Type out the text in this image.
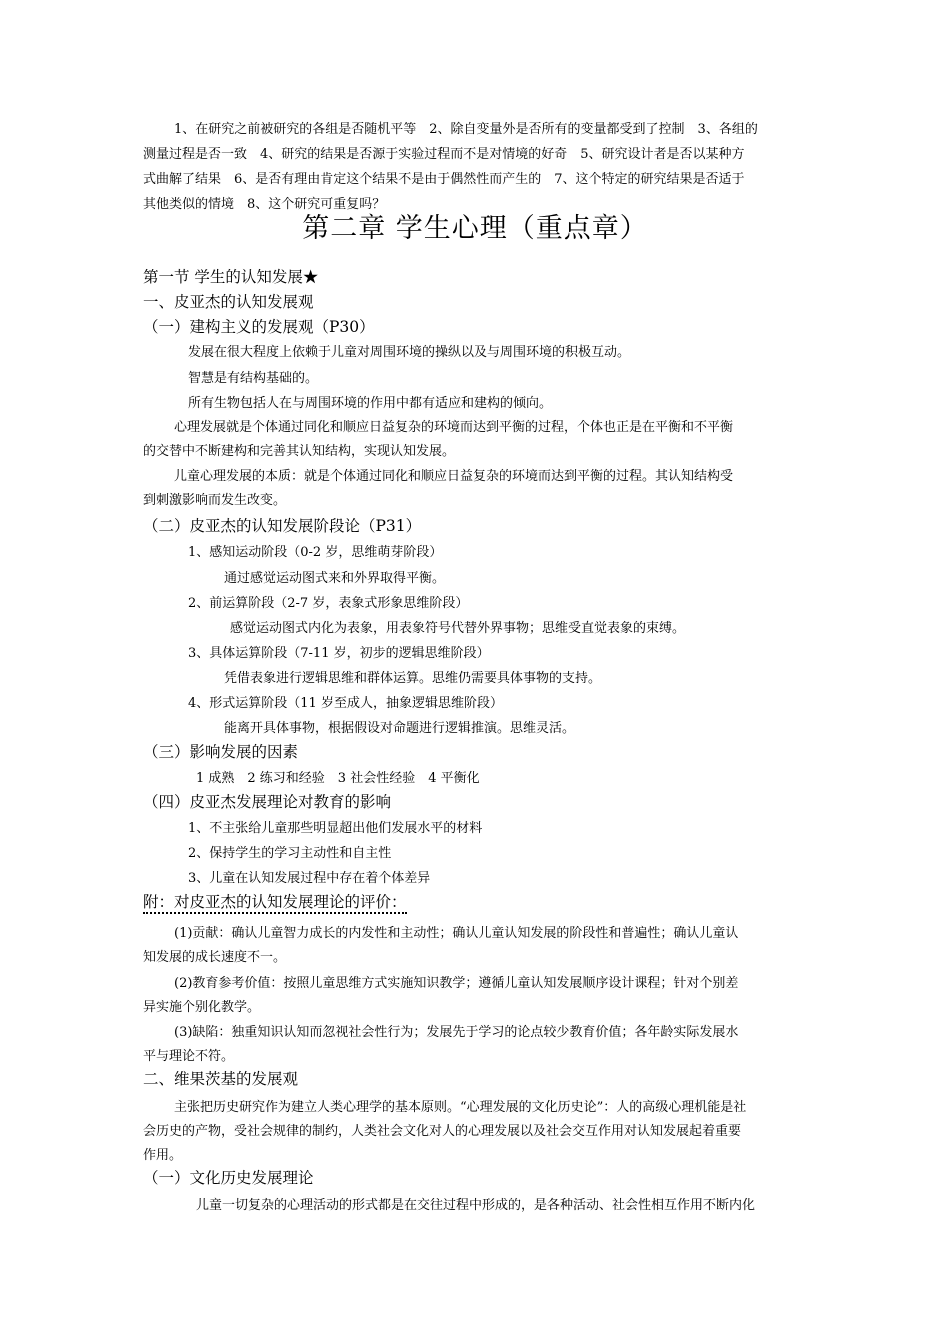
1、在研究之前被研究的各组是否随机平等　2、除自变量外是否所有的变量都受到了控制　3、各组的
测量过程是否一致　4、研究的结果是否源于实验过程而不是对情境的好奇　5、研究设计者是否以某种方
式曲解了结果　6、是否有理由肯定这个结果不是由于偶然性而产生的　7、这个特定的研究结果是否适于
其他类似的情境　8、这个研究可重复吗？
第二章 学生心理（重点章）
第一节 学生的认知发展★
一、皮亚杰的认知发展观
（一）建构主义的发展观（P30）
发展在很大程度上依赖于儿童对周围环境的操纵以及与周围环境的积极互动。
智慧是有结构基础的。
所有生物包括人在与周围环境的作用中都有适应和建构的倾向。
心理发展就是个体通过同化和顺应日益复杂的环境而达到平衡的过程，个体也正是在平衡和不平衡
的交替中不断建构和完善其认知结构，实现认知发展。
儿童心理发展的本质：就是个体通过同化和顺应日益复杂的环境而达到平衡的过程。其认知结构受
到刺激影响而发生改变。
（二）皮亚杰的认知发展阶段论（P31）
1、感知运动阶段（0-2 岁，思维萌芽阶段）
通过感觉运动图式来和外界取得平衡。
2、前运算阶段（2-7 岁，表象式形象思维阶段）
感觉运动图式内化为表象，用表象符号代替外界事物；思维受直觉表象的束缚。
3、具体运算阶段（7-11 岁，初步的逻辑思维阶段）
凭借表象进行逻辑思维和群体运算。思维仍需要具体事物的支持。
4、形式运算阶段（11 岁至成人，抽象逻辑思维阶段）
能离开具体事物，根据假设对命题进行逻辑推演。思维灵活。
（三）影响发展的因素
1 成熟　2 练习和经验　3 社会性经验　4 平衡化
（四）皮亚杰发展理论对教育的影响
1、不主张给儿童那些明显超出他们发展水平的材料
2、保持学生的学习主动性和自主性
3、儿童在认知发展过程中存在着个体差异
附：对皮亚杰的认知发展理论的评价：
(1)贡献：确认儿童智力成长的内发性和主动性；确认儿童认知发展的阶段性和普遍性；确认儿童认
知发展的成长速度不一。
(2)教育参考价值：按照儿童思维方式实施知识教学；遵循儿童认知发展顺序设计课程；针对个别差
异实施个别化教学。
(3)缺陷：独重知识认知而忽视社会性行为；发展先于学习的论点较少教育价值；各年龄实际发展水
平与理论不符。
二、维果茨基的发展观
主张把历史研究作为建立人类心理学的基本原则。“心理发展的文化历史论”：人的高级心理机能是社
会历史的产物，受社会规律的制约，人类社会文化对人的心理发展以及社会交互作用对认知发展起着重要
作用。
（一）文化历史发展理论
儿童一切复杂的心理活动的形式都是在交往过程中形成的，是各种活动、社会性相互作用不断内化
